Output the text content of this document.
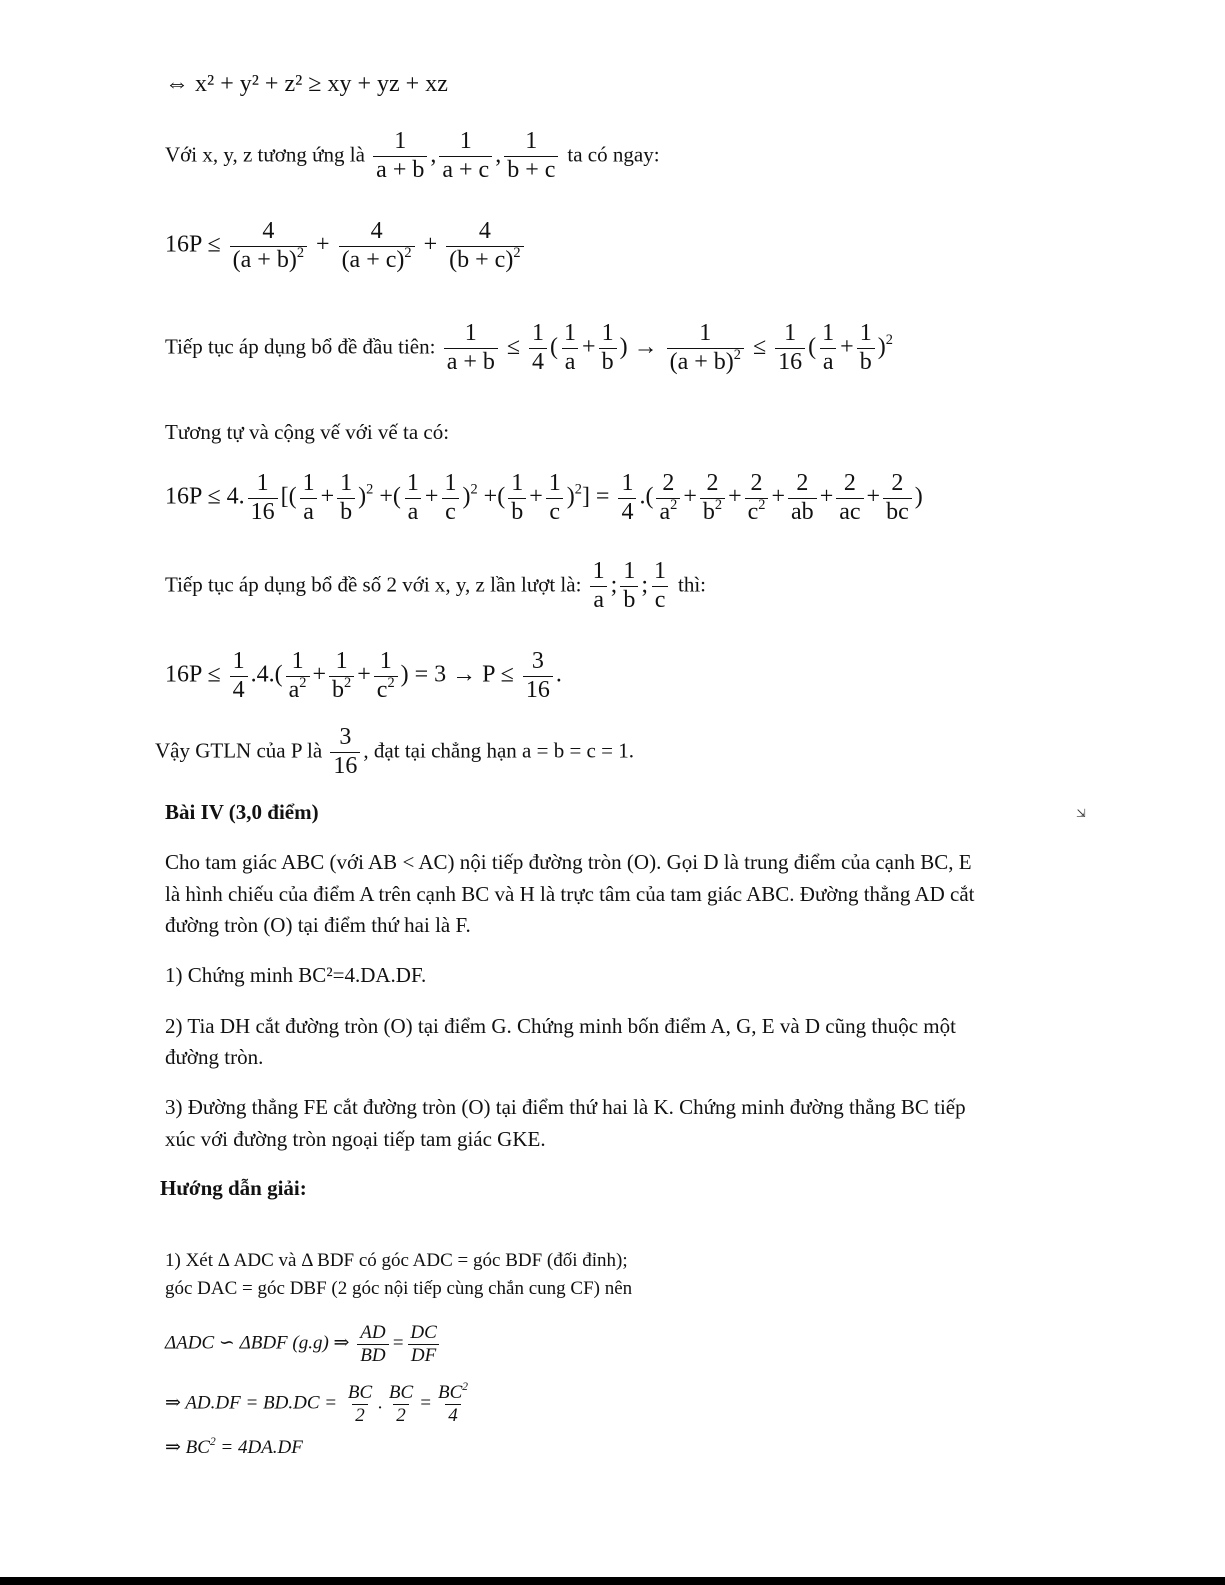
⇔ x² + y² + z² ≥ xy + yz + xz
Với x, y, z tương ứng là $\frac{1}{a + b}$ , $\frac{1}{a + c}$ , $\frac{1}{b + c}$ ta có ngay:
$16P \le \frac{4}{(a + b)^2} + \frac{4}{(a + c)^2} + \frac{4}{(b + c)^2}$
Tiếp tục áp dụng bổ đề đầu tiên: $\frac{1}{a + b} \le \frac{1}{4}$ ( $\frac{1}{a} + \frac{1}{b}$ ) → $\frac{1}{(a + b)^2} \le \frac{1}{16}$ ( $\frac{1}{a} + \frac{1}{b} )^2$
Tương tự và cộng vế với vế ta có:
16P ≤ 4. $\frac{1}{16}$ [( $\frac{1}{a} + \frac{1}{b} )^2$ +( $\frac{1}{a} + \frac{1}{c} )^2$ +( $\frac{1}{b} + \frac{1}{c} )^2] = \frac{1}{4}$ .( $\frac{2}{a^2} + \frac{2}{b^2} + \frac{2}{c^2} + \frac{2}{ab} + \frac{2}{ac} + \frac{2}{bc}$ )
Tiếp tục áp dụng bổ đề số 2 với x, y, z lần lượt là: $\frac{1}{a}$ ; $\frac{1}{b}$ ; $\frac{1}{c}$ thì:
$16P \le \frac{1}{4} .4.( \frac{1}{a^2} + \frac{1}{b^2} + \frac{1}{c^2}$ ) = $3 \to P \le \frac{3}{16}$ .
Vậy GTLN của P là $\frac{3}{16}$ , đạt tại chẳng hạn a = b = c = 1.
Bài IV (3,0 điểm)	⇲
Cho tam giác ABC (với AB < AC) nội tiếp đường tròn (O). Gọi D là trung điểm của cạnh BC, E
là hình chiếu của điểm A trên cạnh BC và H là trực tâm của tam giác ABC. Đường thẳng AD cắt
đường tròn (O) tại điểm thứ hai là F.
1) Chứng minh BC²=4.DA.DF.
2) Tia DH cắt đường tròn (O) tại điểm G. Chứng minh bốn điểm A, G, E và D cũng thuộc một
đường tròn.
3) Đường thẳng FE cắt đường tròn (O) tại điểm thứ hai là K. Chứng minh đường thẳng BC tiếp
xúc với đường tròn ngoại tiếp tam giác GKE.
Hướng dẫn giải:
1) Xét Δ ADC và Δ BDF có góc ADC = góc BDF (đối đỉnh);
góc DAC = góc DBF (2 góc nội tiếp cùng chắn cung CF) nên
ΔADC ∽ ΔBDF (g.g) ⇒ $\frac{AD}{BD} = \frac{DC}{DF}$
⇒ $AD.DF = BD.DC = \frac{BC}{2}$ . $\frac{BC}{2} = \frac{BC^2}{4}$
⇒ $BC^2 = 4DA.DF$
